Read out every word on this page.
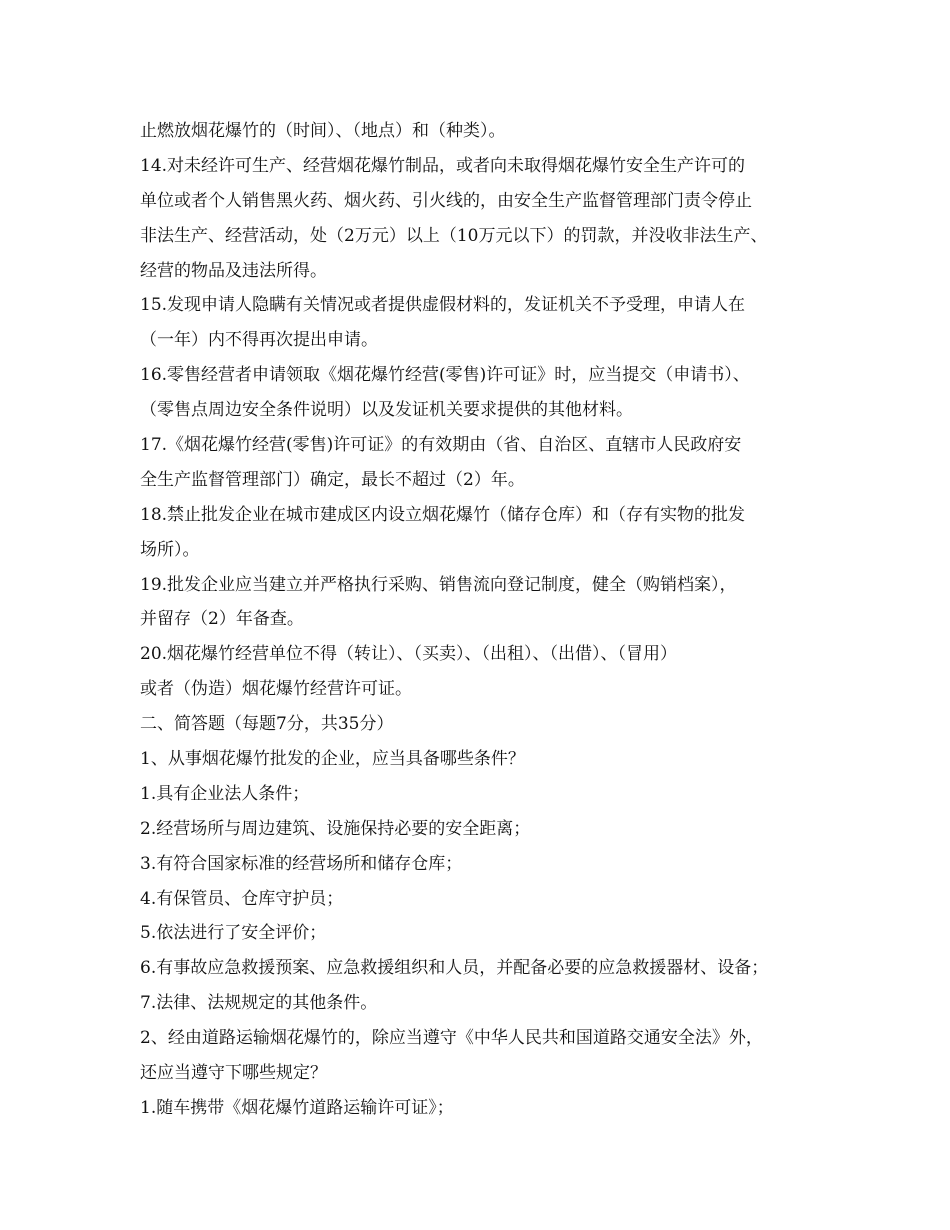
止燃放烟花爆竹的（时间）、（地点）和（种类）。
14.对未经许可生产、经营烟花爆竹制品，或者向未取得烟花爆竹安全生产许可的
单位或者个人销售黑火药、烟火药、引火线的，由安全生产监督管理部门责令停止
非法生产、经营活动，处（2万元）以上（10万元以下）的罚款，并没收非法生产、
经营的物品及违法所得。
15.发现申请人隐瞒有关情况或者提供虚假材料的，发证机关不予受理，申请人在
（一年）内不得再次提出申请。
16.零售经营者申请领取《烟花爆竹经营(零售)许可证》时，应当提交（申请书）、
（零售点周边安全条件说明）以及发证机关要求提供的其他材料。
17.《烟花爆竹经营(零售)许可证》的有效期由（省、自治区、直辖市人民政府安
全生产监督管理部门）确定，最长不超过（2）年。
18.禁止批发企业在城市建成区内设立烟花爆竹（储存仓库）和（存有实物的批发
场所）。
19.批发企业应当建立并严格执行采购、销售流向登记制度，健全（购销档案），
并留存（2）年备查。
20.烟花爆竹经营单位不得（转让）、（买卖）、（出租）、（出借）、（冒用）
或者（伪造）烟花爆竹经营许可证。
二、简答题（每题7分，共35分）
1、从事烟花爆竹批发的企业，应当具备哪些条件？
1.具有企业法人条件；
2.经营场所与周边建筑、设施保持必要的安全距离；
3.有符合国家标准的经营场所和储存仓库；
4.有保管员、仓库守护员；
5.依法进行了安全评价；
6.有事故应急救援预案、应急救援组织和人员，并配备必要的应急救援器材、设备；
7.法律、法规规定的其他条件。
2、经由道路运输烟花爆竹的，除应当遵守《中华人民共和国道路交通安全法》外，
还应当遵守下哪些规定？
1.随车携带《烟花爆竹道路运输许可证》；
